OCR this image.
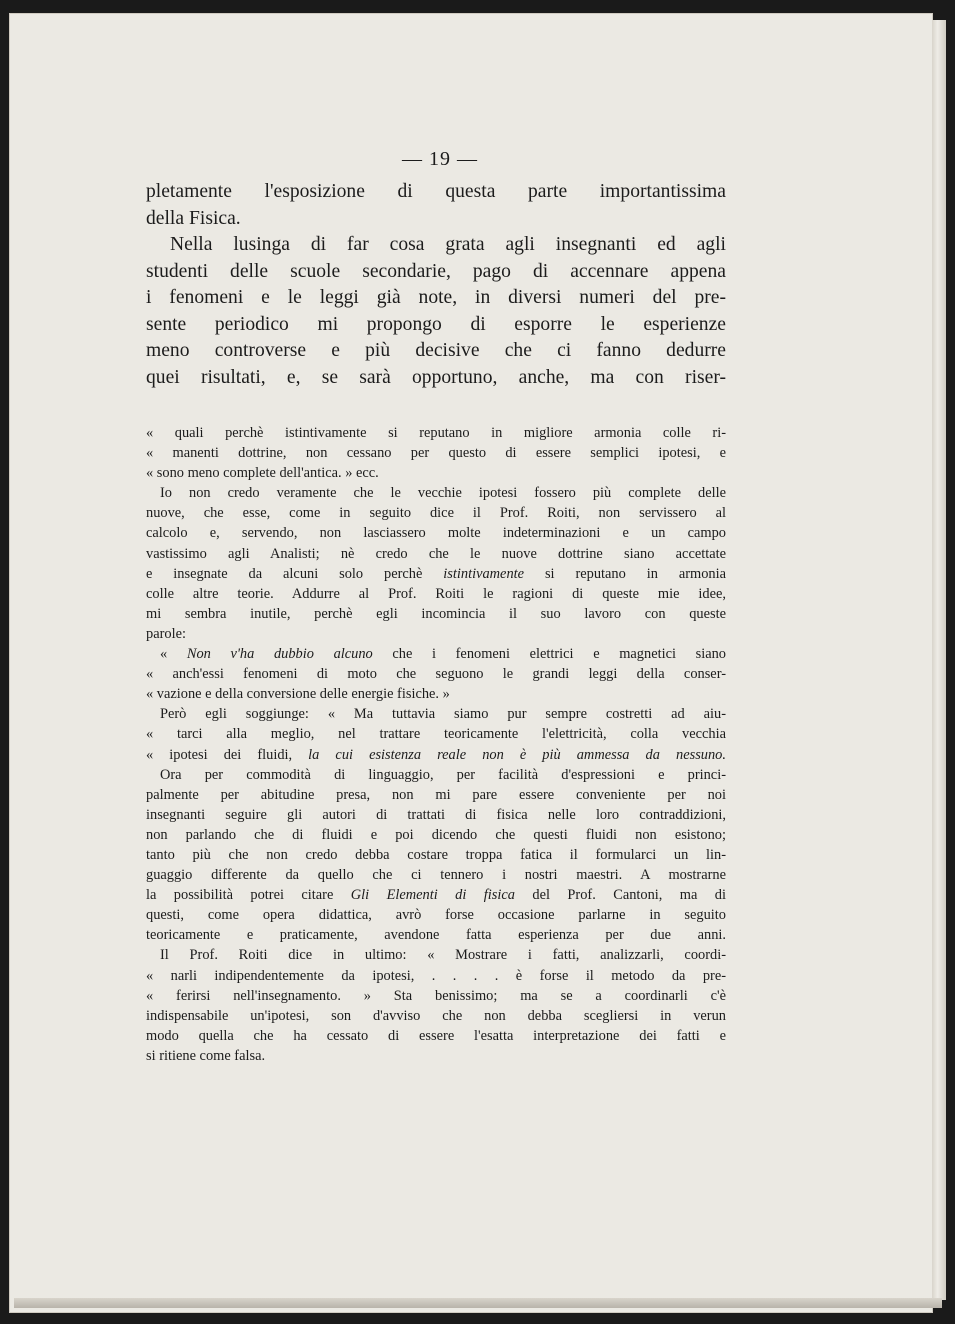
— 19 —

pletamente l'esposizione di questa parte importantissima

della Fisica.

Nella lusinga di far cosa grata agli insegnanti ed agli

studenti delle scuole secondarie, pago di accennare appena

i fenomeni e le leggi già note, in diversi numeri del pre-

sente periodico mi propongo di esporre le esperienze

meno controverse e più decisive che ci fanno dedurre

quei risultati, e, se sarà opportuno, anche, ma con riser-

« quali perchè istintivamente si reputano in migliore armonia colle ri-

« manenti dottrine, non cessano per questo di essere semplici ipotesi, e

« sono meno complete dell'antica. » ecc.

Io non credo veramente che le vecchie ipotesi fossero più complete delle

nuove, che esse, come in seguito dice il Prof. Roiti, non servissero al

calcolo e, servendo, non lasciassero molte indeterminazioni e un campo

vastissimo agli Analisti; nè credo che le nuove dottrine siano accettate

e insegnate da alcuni solo perchè istintivamente si reputano in armonia

colle altre teorie. Addurre al Prof. Roiti le ragioni di queste mie idee,

mi sembra inutile, perchè egli incomincia il suo lavoro con queste

parole:

« Non v'ha dubbio alcuno che i fenomeni elettrici e magnetici siano

« anch'essi fenomeni di moto che seguono le grandi leggi della conser-

« vazione e della conversione delle energie fisiche. »

Però egli soggiunge: « Ma tuttavia siamo pur sempre costretti ad aiu-

« tarci alla meglio, nel trattare teoricamente l'elettricità, colla vecchia

« ipotesi dei fluidi, la cui esistenza reale non è più ammessa da nessuno.

Ora per commodità di linguaggio, per facilità d'espressioni e princi-

palmente per abitudine presa, non mi pare essere conveniente per noi

insegnanti seguire gli autori di trattati di fisica nelle loro contraddizioni,

non parlando che di fluidi e poi dicendo che questi fluidi non esistono;

tanto più che non credo debba costare troppa fatica il formularci un lin-

guaggio differente da quello che ci tennero i nostri maestri. A mostrarne

la possibilità potrei citare Gli Elementi di fisica del Prof. Cantoni, ma di

questi, come opera didattica, avrò forse occasione parlarne in seguito

teoricamente e praticamente, avendone fatta esperienza per due anni.

Il Prof. Roiti dice in ultimo: « Mostrare i fatti, analizzarli, coordi-

« narli indipendentemente da ipotesi, . . . . è forse il metodo da pre-

« ferirsi nell'insegnamento. » Sta benissimo; ma se a coordinarli c'è

indispensabile un'ipotesi, son d'avviso che non debba scegliersi in verun

modo quella che ha cessato di essere l'esatta interpretazione dei fatti e

si ritiene come falsa.
